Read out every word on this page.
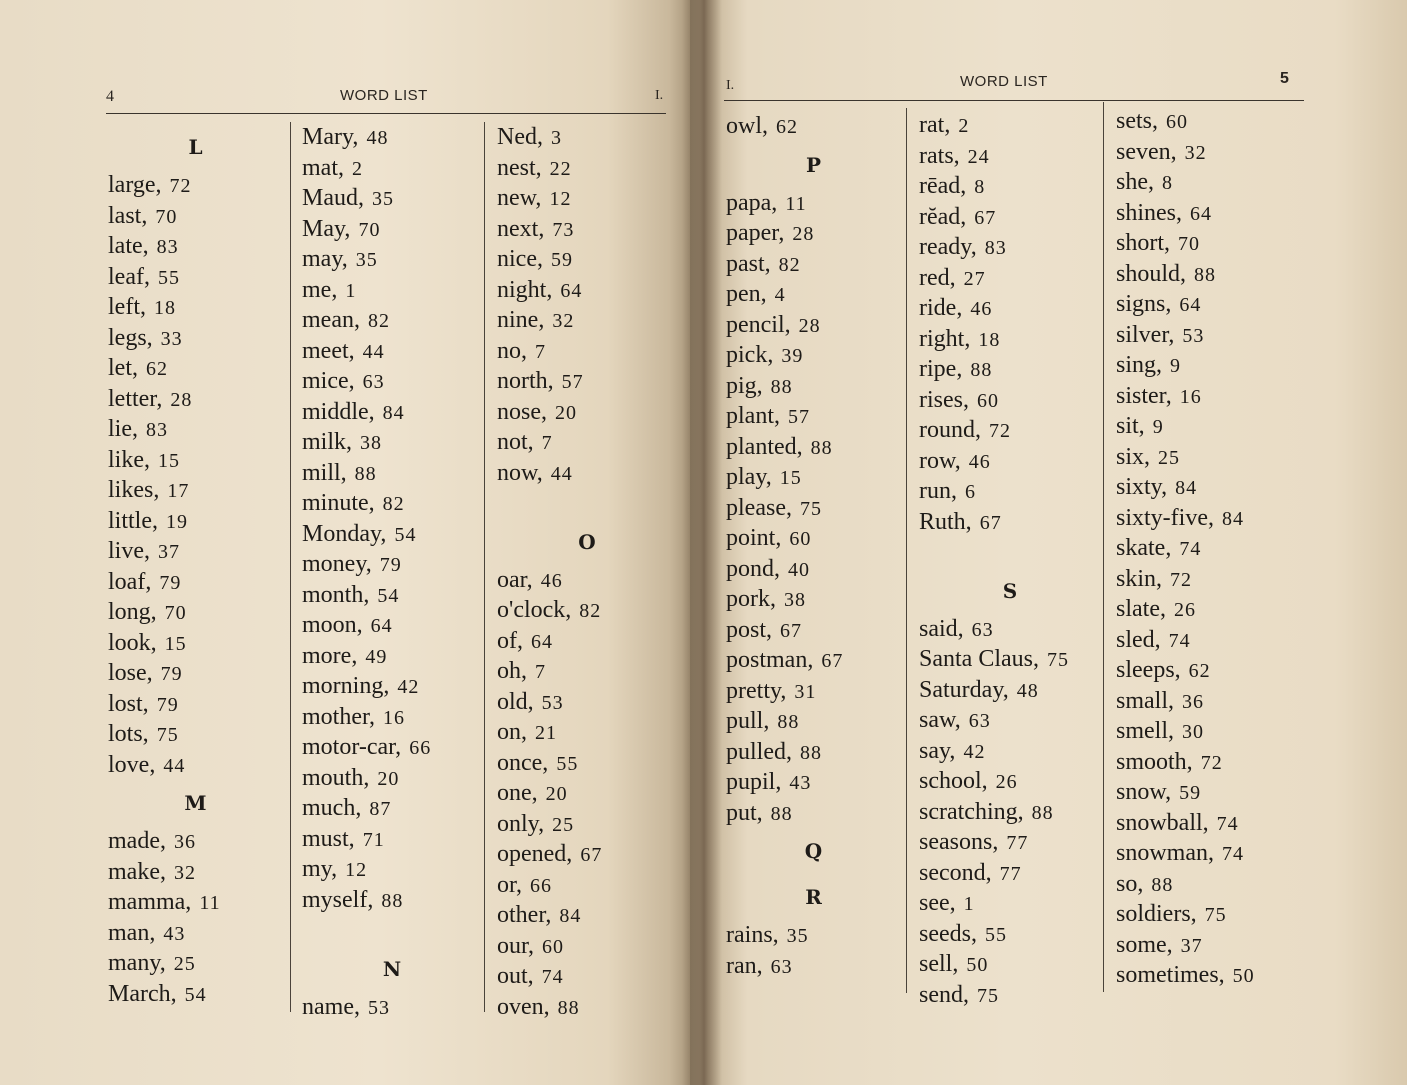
4	WORD LIST	I.
L
large, 72
last, 70
late, 83
leaf, 55
left, 18
legs, 33
let, 62
letter, 28
lie, 83
like, 15
likes, 17
little, 19
live, 37
loaf, 79
long, 70
look, 15
lose, 79
lost, 79
lots, 75
love, 44
M
made, 36
make, 32
mamma, 11
man, 43
many, 25
March, 54
Mary, 48
mat, 2
Maud, 35
May, 70
may, 35
me, 1
mean, 82
meet, 44
mice, 63
middle, 84
milk, 38
mill, 88
minute, 82
Monday, 54
money, 79
month, 54
moon, 64
more, 49
morning, 42
mother, 16
motor-car, 66
mouth, 20
much, 87
must, 71
my, 12
myself, 88
N
name, 53
Ned, 3
nest, 22
new, 12
next, 73
nice, 59
night, 64
nine, 32
no, 7
north, 57
nose, 20
not, 7
now, 44
O
oar, 46
o'clock, 82
of, 64
oh, 7
old, 53
on, 21
once, 55
one, 20
only, 25
opened, 67
or, 66
other, 84
our, 60
out, 74
oven, 88
I.	WORD LIST	5
owl, 62
P
papa, 11
paper, 28
past, 82
pen, 4
pencil, 28
pick, 39
pig, 88
plant, 57
planted, 88
play, 15
please, 75
point, 60
pond, 40
pork, 38
post, 67
postman, 67
pretty, 31
pull, 88
pulled, 88
pupil, 43
put, 88
Q
R
rains, 35
ran, 63
rat, 2
rats, 24
rēad, 8
rĕad, 67
ready, 83
red, 27
ride, 46
right, 18
ripe, 88
rises, 60
round, 72
row, 46
run, 6
Ruth, 67
S
said, 63
Santa Claus, 75
Saturday, 48
saw, 63
say, 42
school, 26
scratching, 88
seasons, 77
second, 77
see, 1
seeds, 55
sell, 50
send, 75
sets, 60
seven, 32
she, 8
shines, 64
short, 70
should, 88
signs, 64
silver, 53
sing, 9
sister, 16
sit, 9
six, 25
sixty, 84
sixty-five, 84
skate, 74
skin, 72
slate, 26
sled, 74
sleeps, 62
small, 36
smell, 30
smooth, 72
snow, 59
snowball, 74
snowman, 74
so, 88
soldiers, 75
some, 37
sometimes, 50
